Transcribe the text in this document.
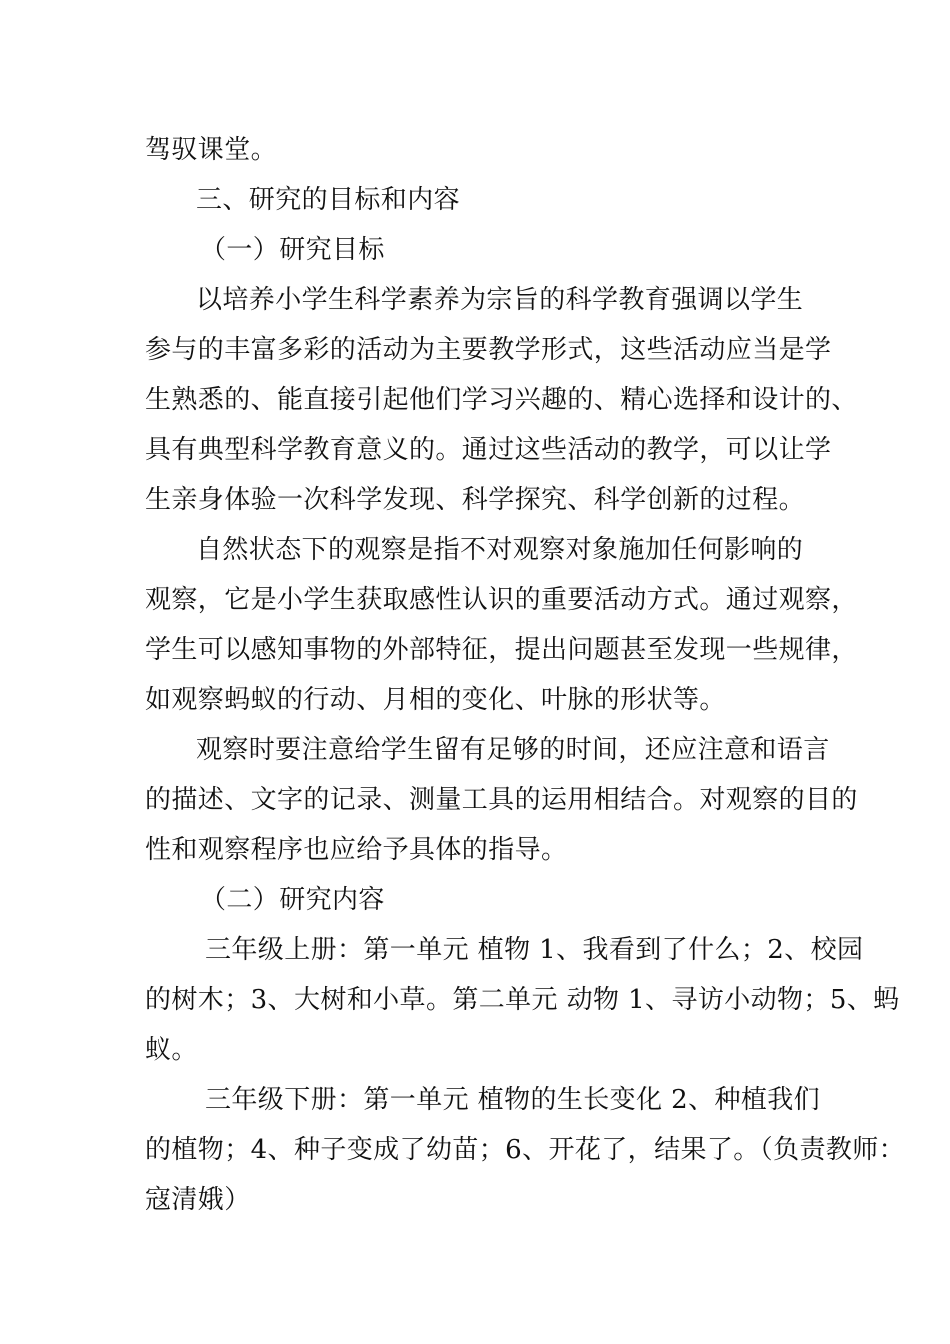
驾驭课堂。
三、研究的目标和内容
（一）研究目标
以培养小学生科学素养为宗旨的科学教育强调以学生
参与的丰富多彩的活动为主要教学形式，这些活动应当是学
生熟悉的、能直接引起他们学习兴趣的、精心选择和设计的、
具有典型科学教育意义的。通过这些活动的教学，可以让学
生亲身体验一次科学发现、科学探究、科学创新的过程。
自然状态下的观察是指不对观察对象施加任何影响的
观察，它是小学生获取感性认识的重要活动方式。通过观察，
学生可以感知事物的外部特征，提出问题甚至发现一些规律，
如观察蚂蚁的行动、月相的变化、叶脉的形状等。
观察时要注意给学生留有足够的时间，还应注意和语言
的描述、文字的记录、测量工具的运用相结合。对观察的目的
性和观察程序也应给予具体的指导。
（二）研究内容
三年级上册：第一单元 植物 1、我看到了什么；2、校园
的树木；3、大树和小草。第二单元 动物 1、寻访小动物；5、蚂
蚁。
三年级下册：第一单元 植物的生长变化 2、种植我们
的植物；4、种子变成了幼苗；6、开花了，结果了。（负责教师：
寇清娥）
